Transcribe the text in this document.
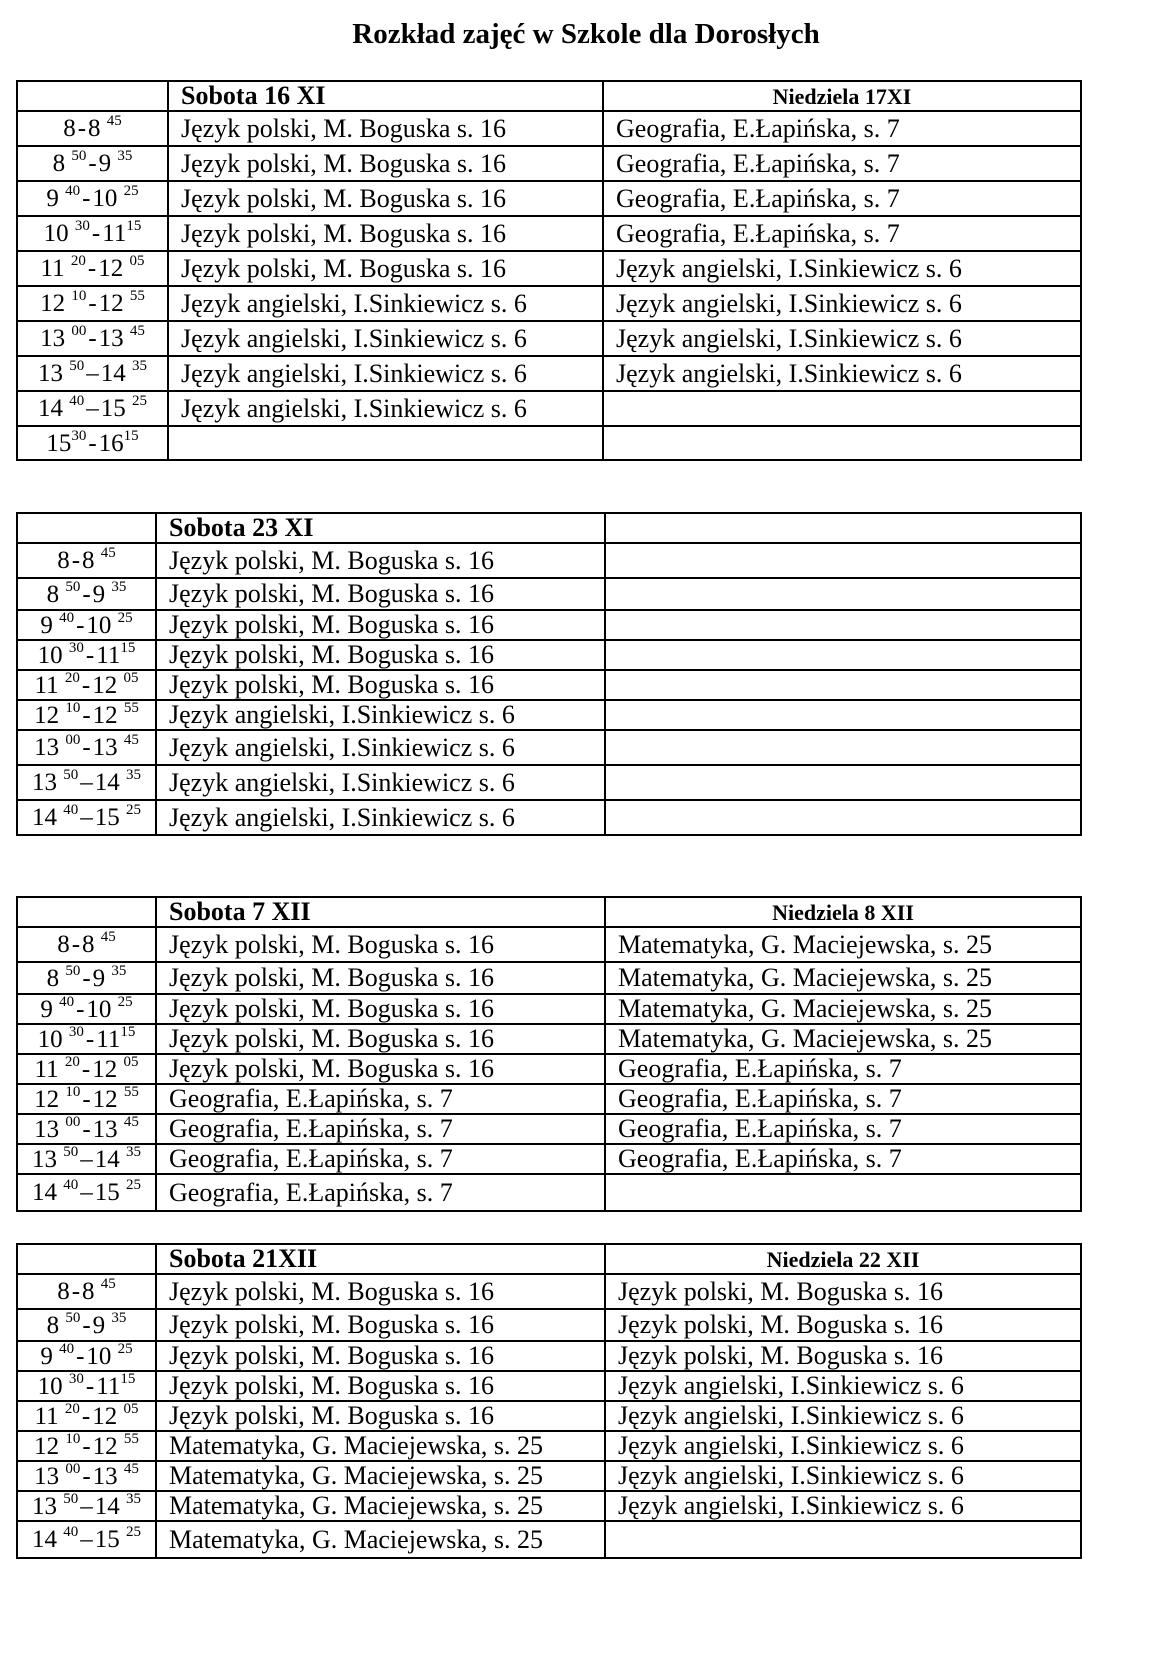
Rozkład zajęć w Szkole dla Dorosłych
	Sobota 16 XI	Niedziela 17XI
8-8 $^{45}$	Język polski, M. Boguska s. 16	Geografia, E.Łapińska, s. 7
8 $^{50}$-9 $^{35}$	Język polski, M. Boguska s. 16	Geografia, E.Łapińska, s. 7
9 $^{40}$-10 $^{25}$	Język polski, M. Boguska s. 16	Geografia, E.Łapińska, s. 7
10 $^{30}-11^{15}$	Język polski, M. Boguska s. 16	Geografia, E.Łapińska, s. 7
11 $^{20}$-12 $^{05}$	Język polski, M. Boguska s. 16	Język angielski, I.Sinkiewicz s. 6
12 $^{10}$-12 $^{55}$	Język angielski, I.Sinkiewicz s. 6	Język angielski, I.Sinkiewicz s. 6
13 $^{00}$-13 $^{45}$	Język angielski, I.Sinkiewicz s. 6	Język angielski, I.Sinkiewicz s. 6
13 $^{50}$–14 $^{35}$	Język angielski, I.Sinkiewicz s. 6	Język angielski, I.Sinkiewicz s. 6
14 $^{40}$–15 $^{25}$	Język angielski, I.Sinkiewicz s. 6	
$15^{30}-16^{15}$		
	Sobota 23 XI	
8-8 $^{45}$	Język polski, M. Boguska s. 16	
8 $^{50}$-9 $^{35}$	Język polski, M. Boguska s. 16	
9 $^{40}$-10 $^{25}$	Język polski, M. Boguska s. 16	
10 $^{30}-11^{15}$	Język polski, M. Boguska s. 16	
11 $^{20}$-12 $^{05}$	Język polski, M. Boguska s. 16	
12 $^{10}$-12 $^{55}$	Język angielski, I.Sinkiewicz s. 6	
13 $^{00}$-13 $^{45}$	Język angielski, I.Sinkiewicz s. 6	
13 $^{50}$–14 $^{35}$	Język angielski, I.Sinkiewicz s. 6	
14 $^{40}$–15 $^{25}$	Język angielski, I.Sinkiewicz s. 6	
	Sobota 7 XII	Niedziela 8 XII
8-8 $^{45}$	Język polski, M. Boguska s. 16	Matematyka, G. Maciejewska, s. 25
8 $^{50}$-9 $^{35}$	Język polski, M. Boguska s. 16	Matematyka, G. Maciejewska, s. 25
9 $^{40}$-10 $^{25}$	Język polski, M. Boguska s. 16	Matematyka, G. Maciejewska, s. 25
10 $^{30}-11^{15}$	Język polski, M. Boguska s. 16	Matematyka, G. Maciejewska, s. 25
11 $^{20}$-12 $^{05}$	Język polski, M. Boguska s. 16	Geografia, E.Łapińska, s. 7
12 $^{10}$-12 $^{55}$	Geografia, E.Łapińska, s. 7	Geografia, E.Łapińska, s. 7
13 $^{00}$-13 $^{45}$	Geografia, E.Łapińska, s. 7	Geografia, E.Łapińska, s. 7
13 $^{50}$–14 $^{35}$	Geografia, E.Łapińska, s. 7	Geografia, E.Łapińska, s. 7
14 $^{40}$–15 $^{25}$	Geografia, E.Łapińska, s. 7	
	Sobota 21XII	Niedziela 22 XII
8-8 $^{45}$	Język polski, M. Boguska s. 16	Język polski, M. Boguska s. 16
8 $^{50}$-9 $^{35}$	Język polski, M. Boguska s. 16	Język polski, M. Boguska s. 16
9 $^{40}$-10 $^{25}$	Język polski, M. Boguska s. 16	Język polski, M. Boguska s. 16
10 $^{30}-11^{15}$	Język polski, M. Boguska s. 16	Język angielski, I.Sinkiewicz s. 6
11 $^{20}$-12 $^{05}$	Język polski, M. Boguska s. 16	Język angielski, I.Sinkiewicz s. 6
12 $^{10}$-12 $^{55}$	Matematyka, G. Maciejewska, s. 25	Język angielski, I.Sinkiewicz s. 6
13 $^{00}$-13 $^{45}$	Matematyka, G. Maciejewska, s. 25	Język angielski, I.Sinkiewicz s. 6
13 $^{50}$–14 $^{35}$	Matematyka, G. Maciejewska, s. 25	Język angielski, I.Sinkiewicz s. 6
14 $^{40}$–15 $^{25}$	Matematyka, G. Maciejewska, s. 25	
